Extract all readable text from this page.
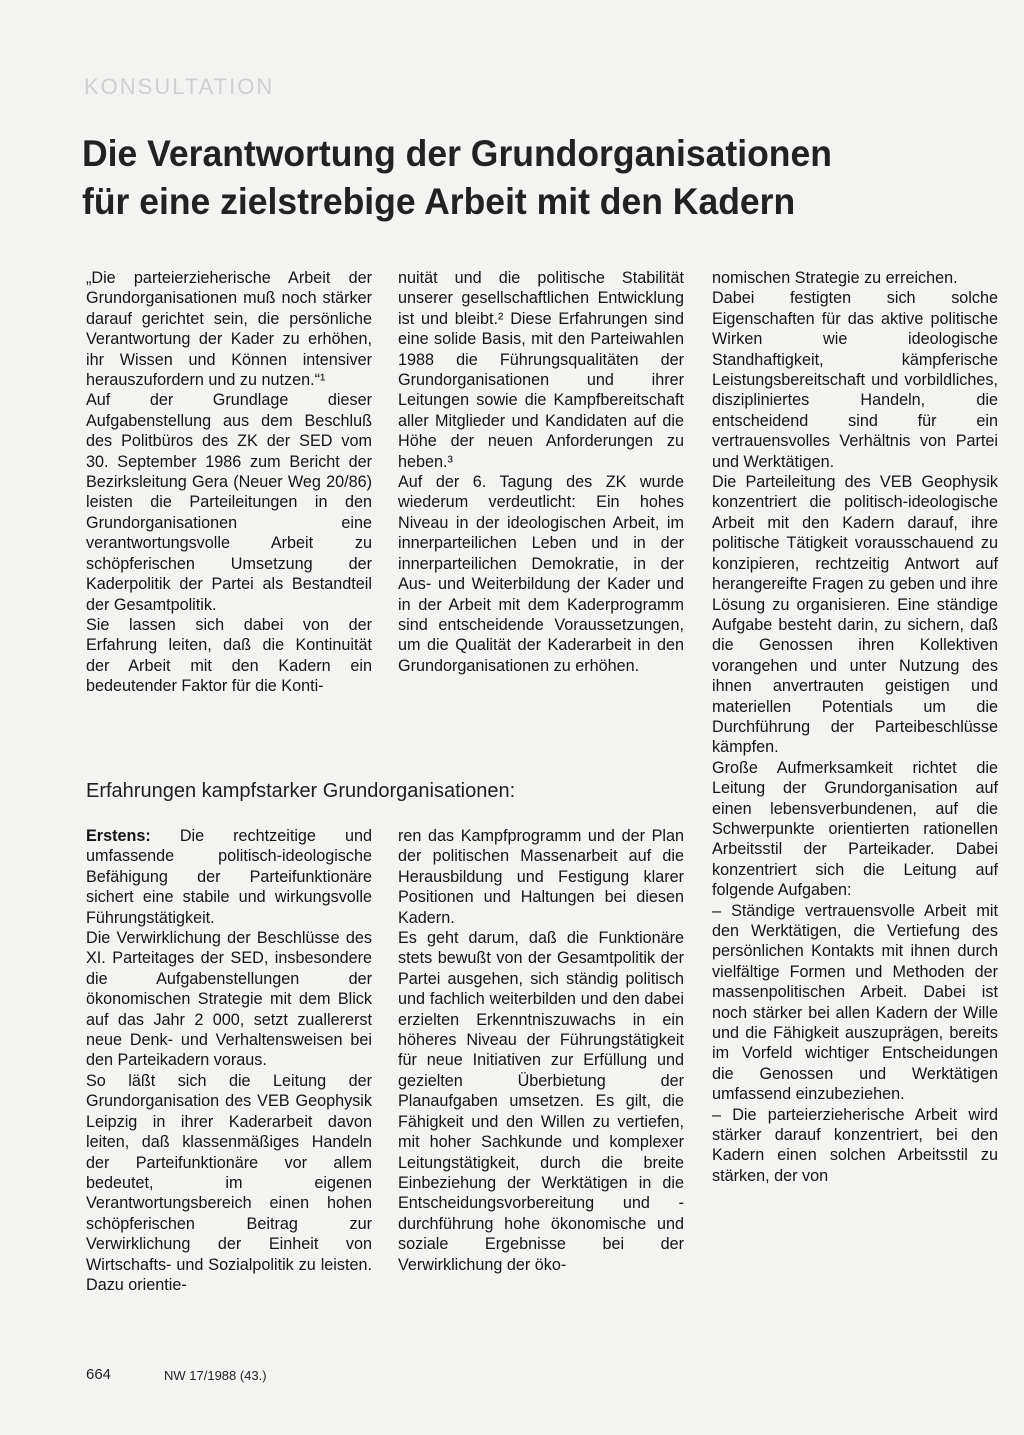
KONSULTATION
Die Verantwortung der Grundorganisationen
für eine zielstrebige Arbeit mit den Kadern

„Die parteierzieherische Arbeit der Grundorganisationen muß noch stärker darauf gerichtet sein, die persönliche Verantwortung der Kader zu erhöhen, ihr Wissen und Können intensiver herauszufordern und zu nutzen.“¹

Auf der Grundlage dieser Aufgabenstellung aus dem Beschluß des Politbüros des ZK der SED vom 30. September 1986 zum Bericht der Bezirksleitung Gera (Neuer Weg 20/86) leisten die Parteileitungen in den Grundorganisationen eine verantwortungsvolle Arbeit zu schöpferischen Umsetzung der Kaderpolitik der Partei als Bestandteil der Gesamtpolitik.

Sie lassen sich dabei von der Erfahrung leiten, daß die Kontinuität der Arbeit mit den Kadern ein bedeutender Faktor für die Konti-

nuität und die politische Stabilität unserer gesellschaftlichen Entwicklung ist und bleibt.² Diese Erfahrungen sind eine solide Basis, mit den Parteiwahlen 1988 die Führungsqualitäten der Grundorganisationen und ihrer Leitungen sowie die Kampfbereitschaft aller Mitglieder und Kandidaten auf die Höhe der neuen Anforderungen zu heben.³

Auf der 6. Tagung des ZK wurde wiederum verdeutlicht: Ein hohes Niveau in der ideologischen Arbeit, im innerparteilichen Leben und in der innerparteilichen Demokratie, in der Aus- und Weiterbildung der Kader und in der Arbeit mit dem Kaderprogramm sind entscheidende Voraussetzungen, um die Qualität der Kaderarbeit in den Grundorganisationen zu erhöhen.

nomischen Strategie zu erreichen.

Dabei festigten sich solche Eigenschaften für das aktive politische Wirken wie ideologische Standhaftigkeit, kämpferische Leistungsbereitschaft und vorbildliches, diszipliniertes Handeln, die entscheidend sind für ein vertrauensvolles Verhältnis von Partei und Werktätigen.

Die Parteileitung des VEB Geophysik konzentriert die politisch-ideologische Arbeit mit den Kadern darauf, ihre politische Tätigkeit vorausschauend zu konzipieren, rechtzeitig Antwort auf herangereifte Fragen zu geben und ihre Lösung zu organisieren. Eine ständige Aufgabe besteht darin, zu sichern, daß die Genossen ihren Kollektiven vorangehen und unter Nutzung des ihnen anvertrauten geistigen und materiellen Potentials um die Durchführung der Parteibeschlüsse kämpfen.

Große Aufmerksamkeit richtet die Leitung der Grundorganisation auf einen lebensverbundenen, auf die Schwerpunkte orientierten rationellen Arbeitsstil der Parteikader. Dabei konzentriert sich die Leitung auf folgende Aufgaben:

– Ständige vertrauensvolle Arbeit mit den Werktätigen, die Vertiefung des persönlichen Kontakts mit ihnen durch vielfältige Formen und Methoden der massenpolitischen Arbeit. Dabei ist noch stärker bei allen Kadern der Wille und die Fähigkeit auszuprägen, bereits im Vorfeld wichtiger Entscheidungen die Genossen und Werktätigen umfassend einzubeziehen.

– Die parteierzieherische Arbeit wird stärker darauf konzentriert, bei den Kadern einen solchen Arbeitsstil zu stärken, der von

Erfahrungen kampfstarker Grundorganisationen:

Erstens: Die rechtzeitige und umfassende politisch-ideologische Befähigung der Parteifunktionäre sichert eine stabile und wirkungsvolle Führungstätigkeit.

Die Verwirklichung der Beschlüsse des XI. Parteitages der SED, insbesondere die Aufgabenstellungen der ökonomischen Strategie mit dem Blick auf das Jahr 2 000, setzt zuallererst neue Denk- und Verhaltensweisen bei den Parteikadern voraus.

So läßt sich die Leitung der Grundorganisation des VEB Geophysik Leipzig in ihrer Kaderarbeit davon leiten, daß klassenmäßiges Handeln der Parteifunktionäre vor allem bedeutet, im eigenen Verantwortungsbereich einen hohen schöpferischen Beitrag zur Verwirklichung der Einheit von Wirtschafts- und Sozialpolitik zu leisten. Dazu orientie-

ren das Kampfprogramm und der Plan der politischen Massenarbeit auf die Herausbildung und Festigung klarer Positionen und Haltungen bei diesen Kadern.

Es geht darum, daß die Funktionäre stets bewußt von der Gesamtpolitik der Partei ausgehen, sich ständig politisch und fachlich weiterbilden und den dabei erzielten Erkenntniszuwachs in ein höheres Niveau der Führungstätigkeit für neue Initiativen zur Erfüllung und gezielten Überbietung der Planaufgaben umsetzen. Es gilt, die Fähigkeit und den Willen zu vertiefen, mit hoher Sachkunde und komplexer Leitungstätigkeit, durch die breite Einbeziehung der Werktätigen in die Entscheidungsvorbereitung und -durchführung hohe ökonomische und soziale Ergebnisse bei der Verwirklichung der öko-

664	NW 17/1988 (43.)
